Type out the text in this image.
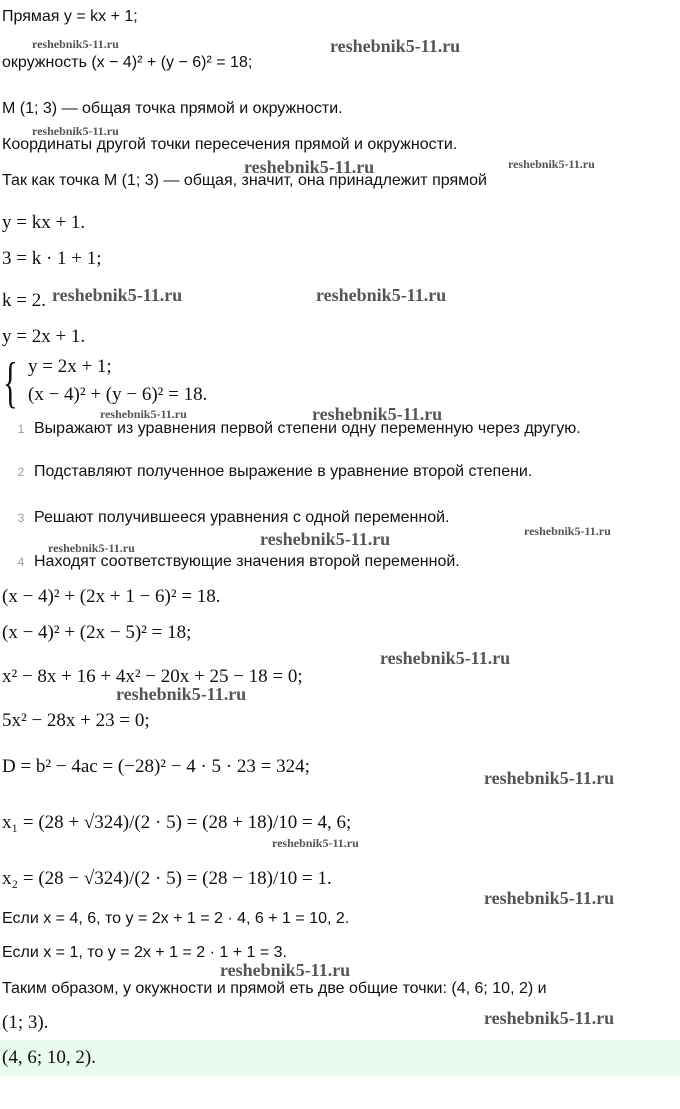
reshebnik5-11.ru	reshebnik5-11.ru
reshebnik5-11.ru
reshebnik5-11.ru	reshebnik5-11.ru
reshebnik5-11.ru	reshebnik5-11.ru
reshebnik5-11.ru	reshebnik5-11.ru
reshebnik5-11.ru
reshebnik5-11.ru
reshebnik5-11.ru
reshebnik5-11.ru
reshebnik5-11.ru
reshebnik5-11.ru
reshebnik5-11.ru
reshebnik5-11.ru
reshebnik5-11.ru
reshebnik5-11.ru
Прямая y = kx + 1;
окружность (x − 4)² + (y − 6)² = 18;
M (1; 3) — общая точка прямой и окружности.
Координаты другой точки пересечения прямой и окружности.
Так как точка M (1; 3) — общая, значит, она принадлежит прямой
y = kx + 1.
3 = k · 1 + 1;
k = 2.
y = 2x + 1.
{ y = 2x + 1;
(x − 4)² + (y − 6)² = 18.
1 Выражают из уравнения первой степени одну переменную через другую.
2 Подставляют полученное выражение в уравнение второй степени.
3 Решают получившееся уравнения с одной переменной.
4 Находят соответствующие значения второй переменной.
(x − 4)² + (2x + 1 − 6)² = 18.
(x − 4)² + (2x − 5)² = 18;
x² − 8x + 16 + 4x² − 20x + 25 − 18 = 0;
5x² − 28x + 23 = 0;
D = b² − 4ac = (−28)² − 4 · 5 · 23 = 324;
x₁ = (28 + √324)/(2 · 5) = (28 + 18)/10 = 4, 6;
x₂ = (28 − √324)/(2 · 5) = (28 − 18)/10 = 1.
Если x = 4, 6, то y = 2x + 1 = 2 · 4, 6 + 1 = 10, 2.
Если x = 1, то y = 2x + 1 = 2 · 1 + 1 = 3.
Таким образом, у окужности и прямой еть две общие точки: (4, 6; 10, 2) и
(1; 3).
(4, 6; 10, 2).
